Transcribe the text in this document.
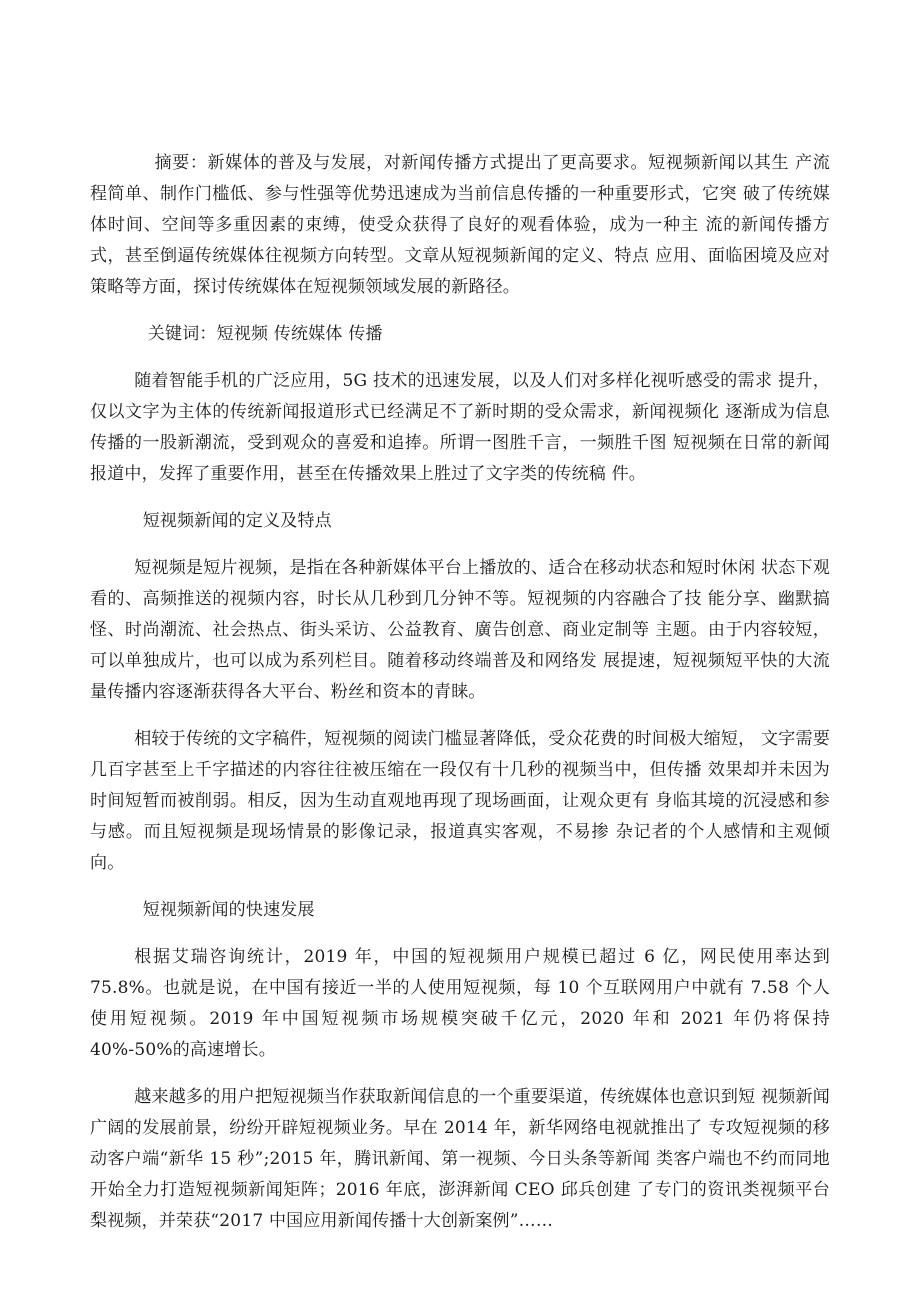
摘要：新媒体的普及与发展，对新闻传播方式提出了更高要求。短视频新闻以其生 产流程简单、制作门槛低、参与性强等优势迅速成为当前信息传播的一种重要形式，它突 破了传统媒体时间、空间等多重因素的束缚，使受众获得了良好的观看体验，成为一种主 流的新闻传播方式，甚至倒逼传统媒体往视频方向转型。文章从短视频新闻的定义、特点 应用、面临困境及应对策略等方面，探讨传统媒体在短视频领域发展的新路径。

关键词：短视频 传统媒体 传播

随着智能手机的广泛应用，5G 技术的迅速发展，以及人们对多样化视听感受的需求 提升，仅以文字为主体的传统新闻报道形式已经满足不了新时期的受众需求，新闻视频化 逐渐成为信息传播的一股新潮流，受到观众的喜爱和追捧。所谓一图胜千言，一频胜千图 短视频在日常的新闻报道中，发挥了重要作用，甚至在传播效果上胜过了文字类的传统稿 件。

短视频新闻的定义及特点

短视频是短片视频，是指在各种新媒体平台上播放的、适合在移动状态和短时休闲 状态下观看的、高频推送的视频内容，时长从几秒到几分钟不等。短视频的内容融合了技 能分享、幽默搞怪、时尚潮流、社会热点、街头采访、公益教育、廣告创意、商业定制等 主题。由于内容较短，可以单独成片，也可以成为系列栏目。随着移动终端普及和网络发 展提速，短视频短平快的大流量传播内容逐渐获得各大平台、粉丝和资本的青睐。

相较于传统的文字稿件，短视频的阅读门槛显著降低，受众花费的时间极大缩短， 文字需要几百字甚至上千字描述的内容往往被压缩在一段仅有十几秒的视频当中，但传播 效果却并未因为时间短暂而被削弱。相反，因为生动直观地再现了现场画面，让观众更有 身临其境的沉浸感和参与感。而且短视频是现场情景的影像记录，报道真实客观，不易掺 杂记者的个人感情和主观倾向。

短视频新闻的快速发展

根据艾瑞咨询统计，2019 年，中国的短视频用户规模已超过 6 亿，网民使用率达到 75.8%。也就是说，在中国有接近一半的人使用短视频，每 10 个互联网用户中就有 7.58 个人使用短视频。2019 年中国短视频市场规模突破千亿元，2020 年和 2021 年仍将保持 40%-50%的高速增长。

越来越多的用户把短视频当作获取新闻信息的一个重要渠道，传统媒体也意识到短 视频新闻广阔的发展前景，纷纷开辟短视频业务。早在 2014 年，新华网络电视就推出了 专攻短视频的移动客户端“新华 15 秒”;2015 年，腾讯新闻、第一视频、今日头条等新闻 类客户端也不约而同地开始全力打造短视频新闻矩阵；2016 年底，澎湃新闻 CEO 邱兵创建 了专门的资讯类视频平台梨视频，并荣获“2017 中国应用新闻传播十大创新案例”……
